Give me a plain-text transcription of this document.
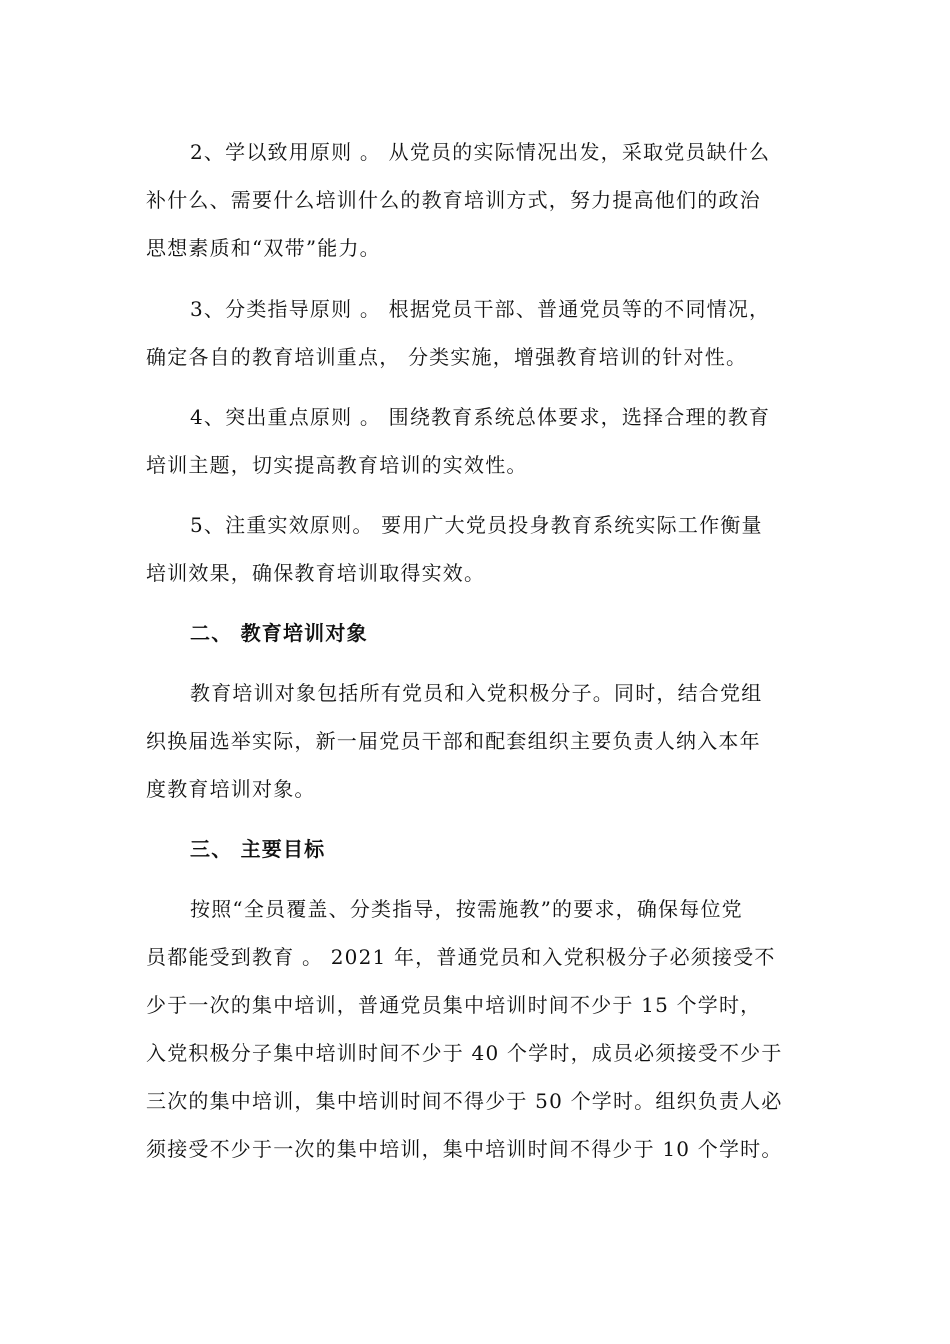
2、学以致用原则 。 从党员的实际情况出发，采取党员缺什么
补什么、需要什么培训什么的教育培训方式，努力提高他们的政治
思想素质和“双带”能力。
3、分类指导原则 。 根据党员干部、普通党员等的不同情况，
确定各自的教育培训重点， 分类实施，增强教育培训的针对性。
4、突出重点原则 。 围绕教育系统总体要求，选择合理的教育
培训主题，切实提高教育培训的实效性。
5、注重实效原则。 要用广大党员投身教育系统实际工作衡量
培训效果，确保教育培训取得实效。
二、 教育培训对象
教育培训对象包括所有党员和入党积极分子。同时，结合党组
织换届选举实际，新一届党员干部和配套组织主要负责人纳入本年
度教育培训对象。
三、 主要目标
按照“全员覆盖、分类指导，按需施教”的要求，确保每位党
员都能受到教育 。 2021 年，普通党员和入党积极分子必须接受不
少于一次的集中培训，普通党员集中培训时间不少于 15 个学时，
入党积极分子集中培训时间不少于 40 个学时，成员必须接受不少于
三次的集中培训，集中培训时间不得少于 50 个学时。组织负责人必
须接受不少于一次的集中培训，集中培训时间不得少于 10 个学时。
